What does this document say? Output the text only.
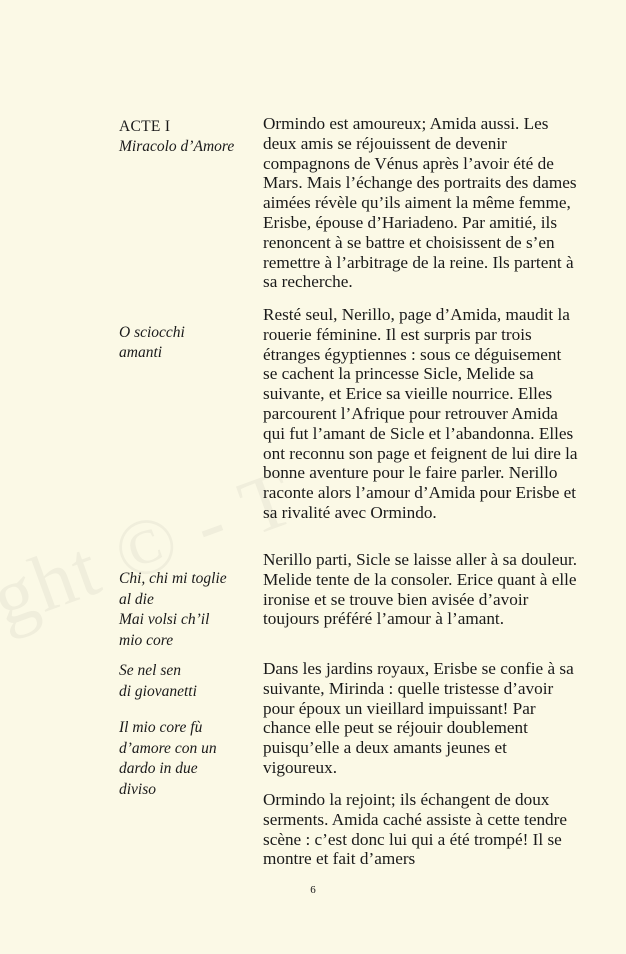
ACTE I
Miracolo d’Amore
O sciocchi
amanti
Chi, chi mi toglie
al die
Mai volsi ch’il
mio core
Se nel sen
di giovanetti
Il mio core fù
d’amore con un
dardo in due
diviso

Ormindo est amoureux; Amida aussi. Les deux amis se réjouissent de devenir compagnons de Vénus après l’avoir été de Mars. Mais l’échange des portraits des dames aimées révèle qu’ils aiment la même femme, Erisbe, épouse d’Hariadeno. Par amitié, ils renoncent à se battre et choisissent de s’en remettre à l’arbitrage de la reine. Ils partent à sa recherche.

Resté seul, Nerillo, page d’Amida, maudit la rouerie féminine. Il est surpris par trois étranges égyptiennes : sous ce déguisement se cachent la princesse Sicle, Melide sa suivante, et Erice sa vieille nourrice. Elles parcourent l’Afrique pour retrouver Amida qui fut l’amant de Sicle et l’abandonna. Elles ont reconnu son page et feignent de lui dire la bonne aventure pour le faire parler. Nerillo raconte alors l’amour d’Amida pour Erisbe et sa rivalité avec Ormindo.

Nerillo parti, Sicle se laisse aller à sa douleur. Melide tente de la consoler. Erice quant à elle ironise et se trouve bien avisée d’avoir toujours préféré l’amour à l’amant.

Dans les jardins royaux, Erisbe se confie à sa suivante, Mirinda : quelle tristesse d’avoir pour époux un vieillard impuissant! Par chance elle peut se réjouir doublement puisqu’elle a deux amants jeunes et vigoureux.

Ormindo la rejoint; ils échangent de doux serments. Amida caché assiste à cette tendre scène : c’est donc lui qui a été trompé! Il se montre et fait d’amers

6
